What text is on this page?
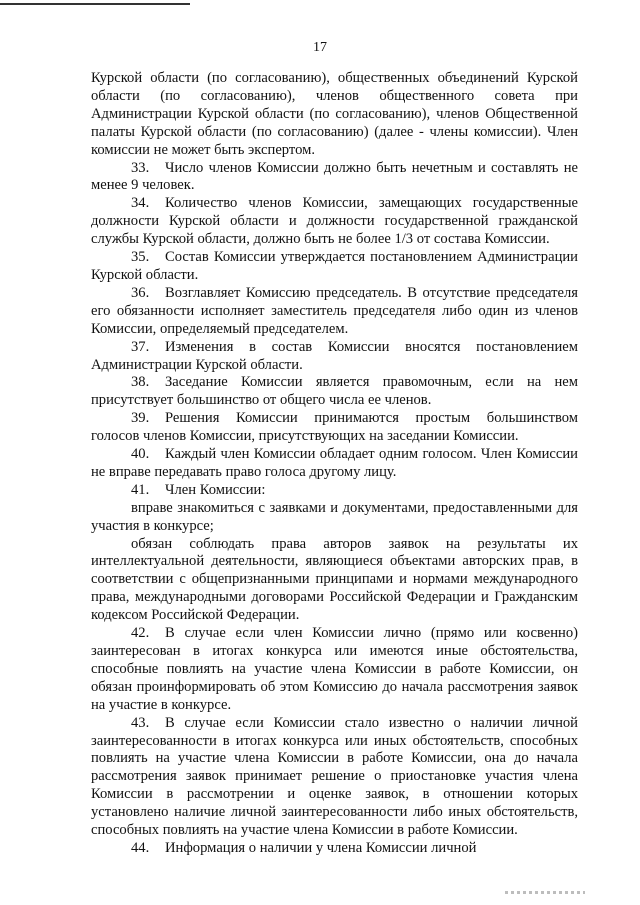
17

Курской области (по согласованию), общественных объединений Курской области (по согласованию), членов общественного совета при Администрации Курской области (по согласованию), членов Общественной палаты Курской области (по согласованию) (далее - члены комиссии). Член комиссии не может быть экспертом.

33. Число членов Комиссии должно быть нечетным и составлять не менее 9 человек.

34. Количество членов Комиссии, замещающих государственные должности Курской области и должности государственной гражданской службы Курской области, должно быть не более 1/3 от состава Комиссии.

35. Состав Комиссии утверждается постановлением Администрации Курской области.

36. Возглавляет Комиссию председатель. В отсутствие председателя его обязанности исполняет заместитель председателя либо один из членов Комиссии, определяемый председателем.

37. Изменения в состав Комиссии вносятся постановлением Администрации Курской области.

38. Заседание Комиссии является правомочным, если на нем присутствует большинство от общего числа ее членов.

39. Решения Комиссии принимаются простым большинством голосов членов Комиссии, присутствующих на заседании Комиссии.

40. Каждый член Комиссии обладает одним голосом. Член Комиссии не вправе передавать право голоса другому лицу.

41. Член Комиссии:

вправе знакомиться с заявками и документами, предоставленными для участия в конкурсе;

обязан соблюдать права авторов заявок на результаты их интеллектуальной деятельности, являющиеся объектами авторских прав, в соответствии с общепризнанными принципами и нормами международного права, международными договорами Российской Федерации и Гражданским кодексом Российской Федерации.

42. В случае если член Комиссии лично (прямо или косвенно) заинтересован в итогах конкурса или имеются иные обстоятельства, способные повлиять на участие члена Комиссии в работе Комиссии, он обязан проинформировать об этом Комиссию до начала рассмотрения заявок на участие в конкурсе.

43. В случае если Комиссии стало известно о наличии личной заинтересованности в итогах конкурса или иных обстоятельств, способных повлиять на участие члена Комиссии в работе Комиссии, она до начала рассмотрения заявок принимает решение о приостановке участия члена Комиссии в рассмотрении и оценке заявок, в отношении которых установлено наличие личной заинтересованности либо иных обстоятельств, способных повлиять на участие члена Комиссии в работе Комиссии.

44. Информация о наличии у члена Комиссии личной
